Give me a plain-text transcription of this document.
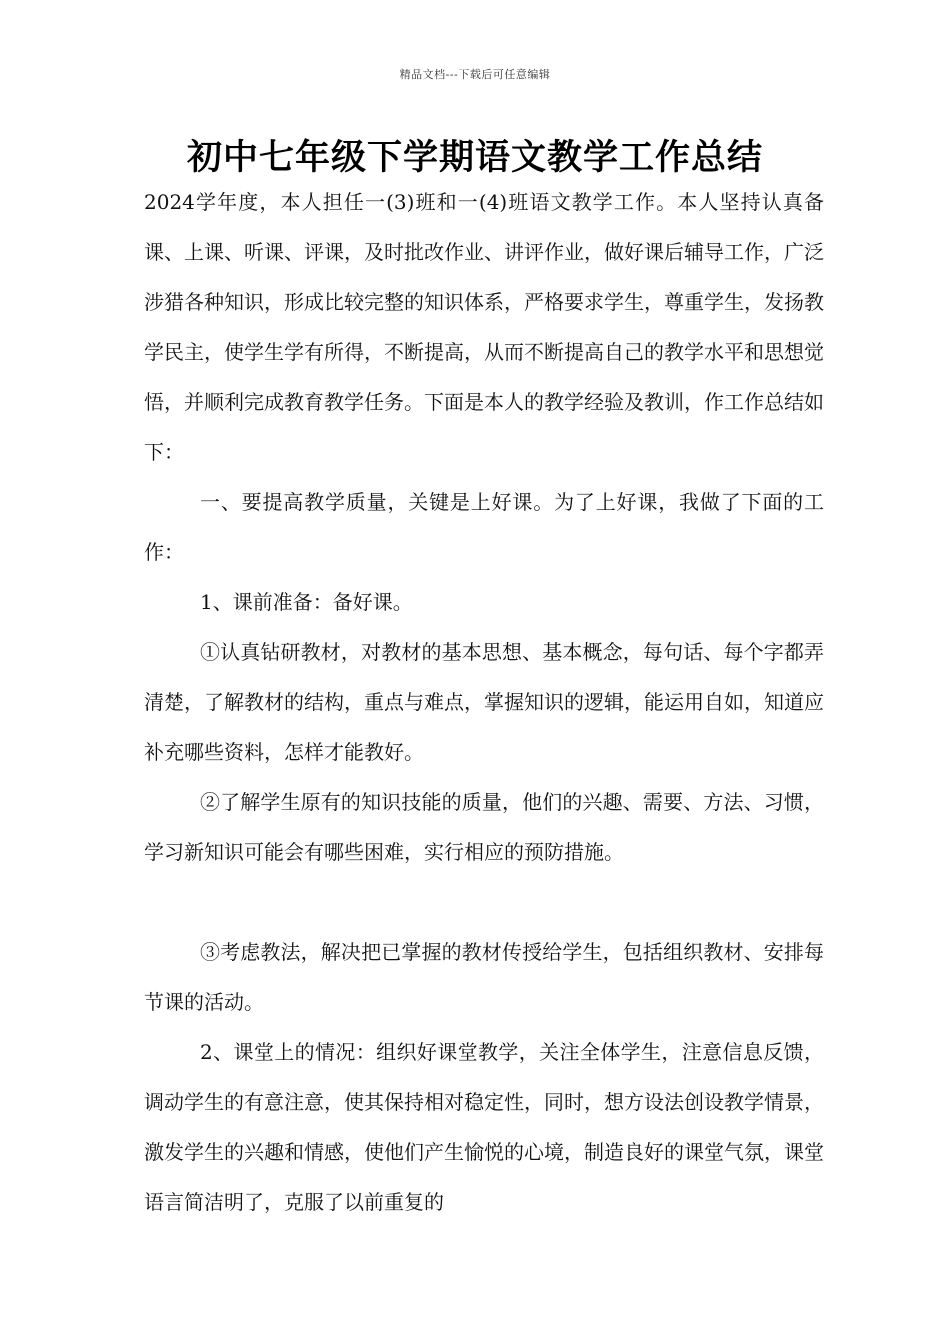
精品文档---下载后可任意编辑
初中七年级下学期语文教学工作总结

2024学年度，本人担任一(3)班和一(4)班语文教学工作。本人坚持认真备课、上课、听课、评课，及时批改作业、讲评作业，做好课后辅导工作，广泛涉猎各种知识，形成比较完整的知识体系，严格要求学生，尊重学生，发扬教学民主，使学生学有所得，不断提高，从而不断提高自己的教学水平和思想觉悟，并顺利完成教育教学任务。下面是本人的教学经验及教训，作工作总结如下：

一、要提高教学质量，关键是上好课。为了上好课，我做了下面的工作：

1、课前准备：备好课。

①认真钻研教材，对教材的基本思想、基本概念，每句话、每个字都弄清楚，了解教材的结构，重点与难点，掌握知识的逻辑，能运用自如，知道应补充哪些资料，怎样才能教好。

②了解学生原有的知识技能的质量，他们的兴趣、需要、方法、习惯，学习新知识可能会有哪些困难，实行相应的预防措施。

③考虑教法，解决把已掌握的教材传授给学生，包括组织教材、安排每节课的活动。

2、课堂上的情况：组织好课堂教学，关注全体学生，注意信息反馈，调动学生的有意注意，使其保持相对稳定性，同时，想方设法创设教学情景，激发学生的兴趣和情感，使他们产生愉悦的心境，制造良好的课堂气氛，课堂语言简洁明了，克服了以前重复的
